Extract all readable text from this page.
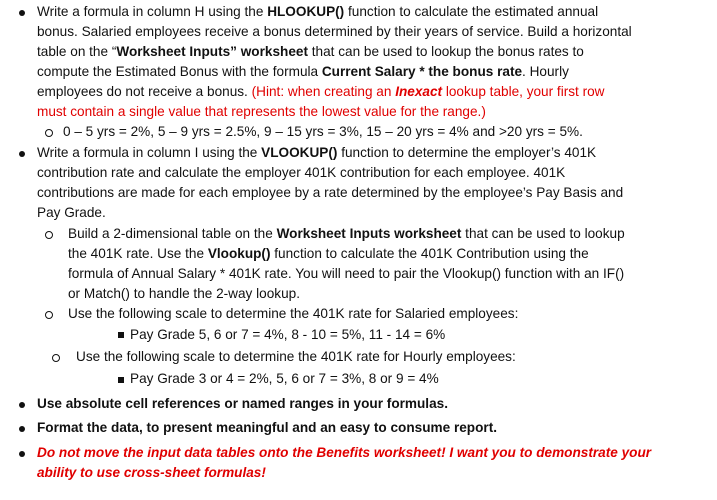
Write a formula in column H using the HLOOKUP() function to calculate the estimated annual
bonus. Salaried employees receive a bonus determined by their years of service. Build a horizontal
table on the “Worksheet Inputs” worksheet that can be used to lookup the bonus rates to
compute the Estimated Bonus with the formula Current Salary * the bonus rate. Hourly
employees do not receive a bonus. (Hint: when creating an Inexact lookup table, your first row
must contain a single value that represents the lowest value for the range.)
0 – 5 yrs = 2%, 5 – 9 yrs = 2.5%, 9 – 15 yrs = 3%, 15 – 20 yrs = 4% and >20 yrs = 5%.
Write a formula in column I using the VLOOKUP() function to determine the employer’s 401K
contribution rate and calculate the employer 401K contribution for each employee. 401K
contributions are made for each employee by a rate determined by the employee’s Pay Basis and
Pay Grade.
Build a 2-dimensional table on the Worksheet Inputs worksheet that can be used to lookup
the 401K rate. Use the Vlookup() function to calculate the 401K Contribution using the
formula of Annual Salary * 401K rate. You will need to pair the Vlookup() function with an IF()
or Match() to handle the 2-way lookup.
Use the following scale to determine the 401K rate for Salaried employees:
Pay Grade 5, 6 or 7 = 4%, 8 - 10 = 5%, 11 - 14 = 6%
Use the following scale to determine the 401K rate for Hourly employees:
Pay Grade 3 or 4 = 2%, 5, 6 or 7 = 3%, 8 or 9 = 4%
Use absolute cell references or named ranges in your formulas.
Format the data, to present meaningful and an easy to consume report.
Do not move the input data tables onto the Benefits worksheet! I want you to demonstrate your
ability to use cross-sheet formulas!
